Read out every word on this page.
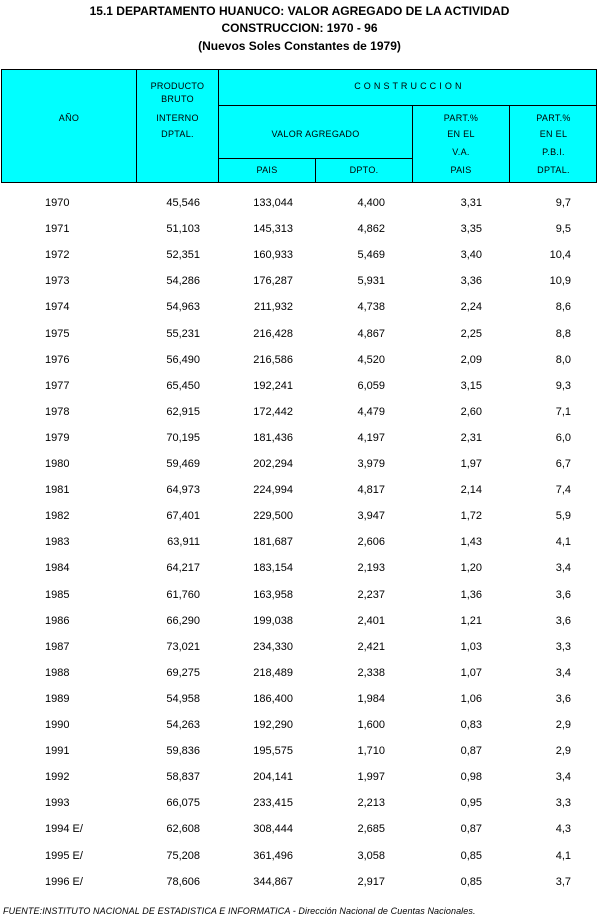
15.1 DEPARTAMENTO HUANUCO: VALOR AGREGADO DE LA ACTIVIDAD
CONSTRUCCION: 1970 - 96
(Nuevos Soles Constantes de 1979)
AÑO
PRODUCTO
BRUTO
INTERNO
DPTAL.
C O N S T R U C C I O N
VALOR AGREGADO
PAIS	DPTO.
PART.%
EN EL
V.A.
PAIS
PART.%
EN EL
P.B.I.
DPTAL.
1970	45,546	133,044	4,400	3,31	9,7
1971	51,103	145,313	4,862	3,35	9,5
1972	52,351	160,933	5,469	3,40	10,4
1973	54,286	176,287	5,931	3,36	10,9
1974	54,963	211,932	4,738	2,24	8,6
1975	55,231	216,428	4,867	2,25	8,8
1976	56,490	216,586	4,520	2,09	8,0
1977	65,450	192,241	6,059	3,15	9,3
1978	62,915	172,442	4,479	2,60	7,1
1979	70,195	181,436	4,197	2,31	6,0
1980	59,469	202,294	3,979	1,97	6,7
1981	64,973	224,994	4,817	2,14	7,4
1982	67,401	229,500	3,947	1,72	5,9
1983	63,911	181,687	2,606	1,43	4,1
1984	64,217	183,154	2,193	1,20	3,4
1985	61,760	163,958	2,237	1,36	3,6
1986	66,290	199,038	2,401	1,21	3,6
1987	73,021	234,330	2,421	1,03	3,3
1988	69,275	218,489	2,338	1,07	3,4
1989	54,958	186,400	1,984	1,06	3,6
1990	54,263	192,290	1,600	0,83	2,9
1991	59,836	195,575	1,710	0,87	2,9
1992	58,837	204,141	1,997	0,98	3,4
1993	66,075	233,415	2,213	0,95	3,3
1994 E/	62,608	308,444	2,685	0,87	4,3
1995 E/	75,208	361,496	3,058	0,85	4,1
1996 E/	78,606	344,867	2,917	0,85	3,7
FUENTE:INSTITUTO NACIONAL DE ESTADISTICA E INFORMATICA - Dirección Nacional de Cuentas Nacionales.
